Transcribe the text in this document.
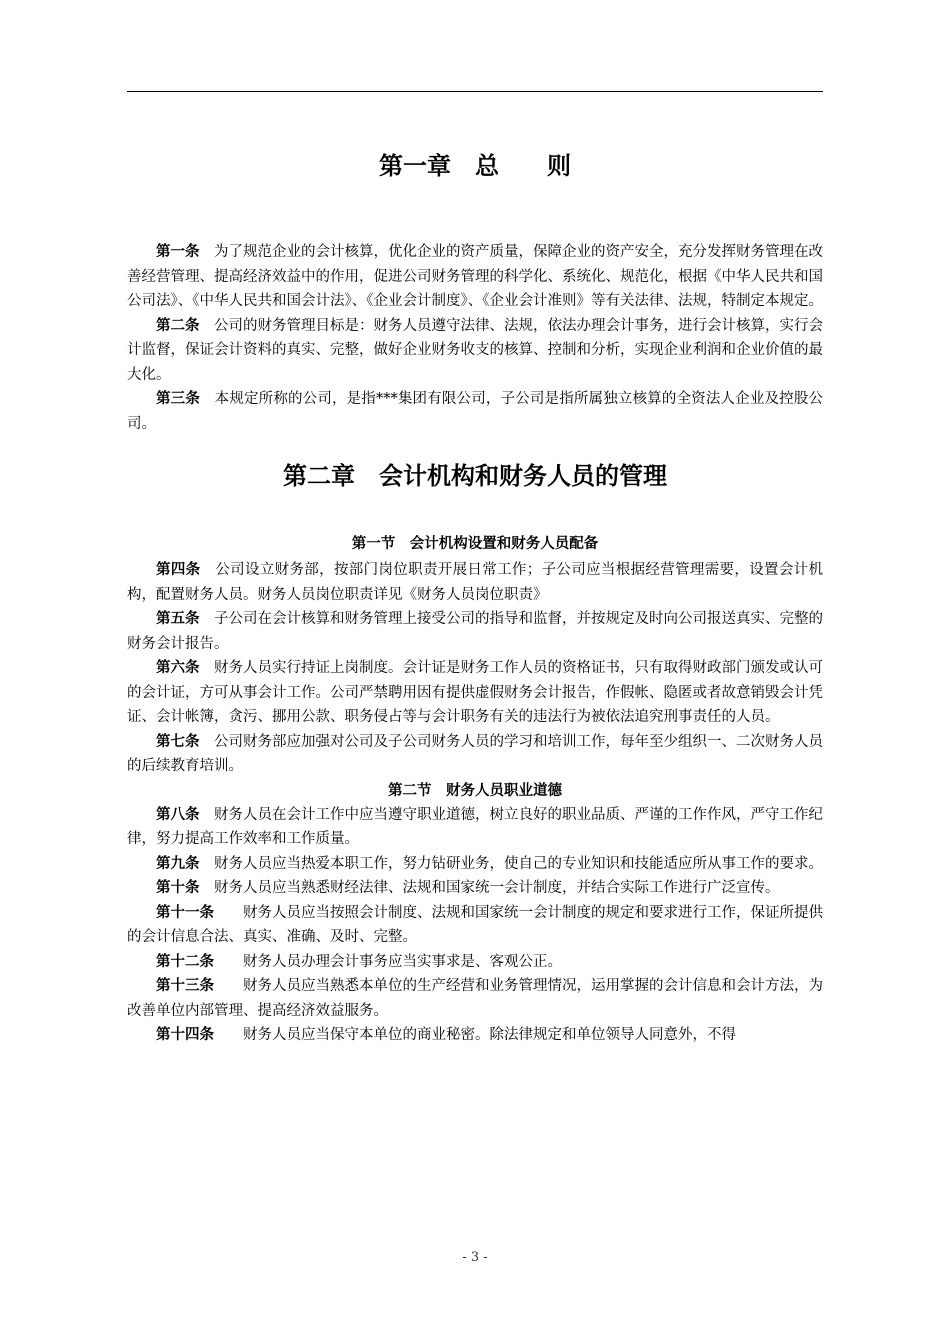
第一章　总　　则

第一条 为了规范企业的会计核算，优化企业的资产质量，保障企业的资产安全，充分发挥财务管理在改善经营管理、提高经济效益中的作用，促进公司财务管理的科学化、系统化、规范化，根据《中华人民共和国公司法》、《中华人民共和国会计法》、《企业会计制度》、《企业会计准则》等有关法律、法规，特制定本规定。

第二条 公司的财务管理目标是：财务人员遵守法律、法规，依法办理会计事务，进行会计核算，实行会计监督，保证会计资料的真实、完整，做好企业财务收支的核算、控制和分析，实现企业利润和企业价值的最大化。

第三条 本规定所称的公司，是指***集团有限公司，子公司是指所属独立核算的全资法人企业及控股公司。

第二章　会计机构和财务人员的管理
第一节　会计机构设置和财务人员配备

第四条 公司设立财务部，按部门岗位职责开展日常工作；子公司应当根据经营管理需要，设置会计机构，配置财务人员。财务人员岗位职责详见《财务人员岗位职责》

第五条 子公司在会计核算和财务管理上接受公司的指导和监督，并按规定及时向公司报送真实、完整的财务会计报告。

第六条 财务人员实行持证上岗制度。会计证是财务工作人员的资格证书，只有取得财政部门颁发或认可的会计证，方可从事会计工作。公司严禁聘用因有提供虚假财务会计报告，作假帐、隐匿或者故意销毁会计凭证、会计帐簿，贪污、挪用公款、职务侵占等与会计职务有关的违法行为被依法追究刑事责任的人员。

第七条 公司财务部应加强对公司及子公司财务人员的学习和培训工作，每年至少组织一、二次财务人员的后续教育培训。

第二节　财务人员职业道德

第八条 财务人员在会计工作中应当遵守职业道德，树立良好的职业品质、严谨的工作作风，严守工作纪律，努力提高工作效率和工作质量。

第九条 财务人员应当热爱本职工作，努力钻研业务，使自己的专业知识和技能适应所从事工作的要求。

第十条 财务人员应当熟悉财经法律、法规和国家统一会计制度，并结合实际工作进行广泛宣传。

第十一条 财务人员应当按照会计制度、法规和国家统一会计制度的规定和要求进行工作，保证所提供的会计信息合法、真实、准确、及时、完整。

第十二条 财务人员办理会计事务应当实事求是、客观公正。

第十三条 财务人员应当熟悉本单位的生产经营和业务管理情况，运用掌握的会计信息和会计方法，为改善单位内部管理、提高经济效益服务。

第十四条 财务人员应当保守本单位的商业秘密。除法律规定和单位领导人同意外，不得

- 3 -
